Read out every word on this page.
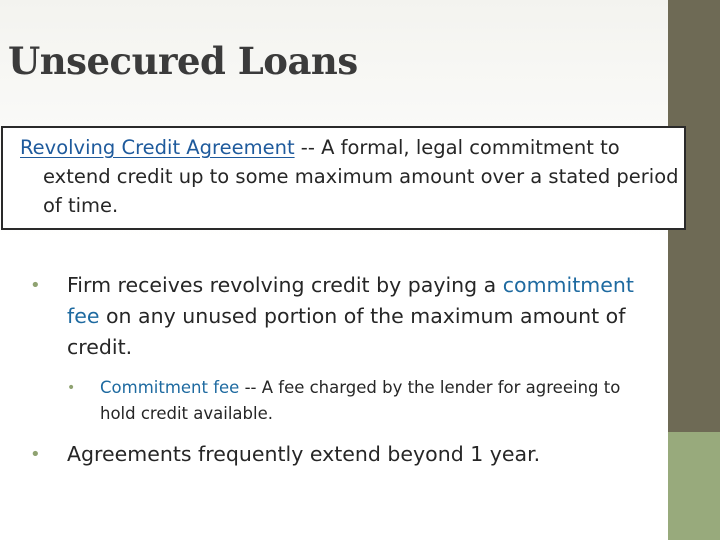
Unsecured Loans

Revolving Credit Agreement -- A formal, legal commitment to extend credit up to some maximum amount over a stated period of time.

• Firm receives revolving credit by paying a commitment fee on any unused portion of the maximum amount of credit.
• Commitment fee -- A fee charged by the lender for agreeing to hold credit available.
• Agreements frequently extend beyond 1 year.
